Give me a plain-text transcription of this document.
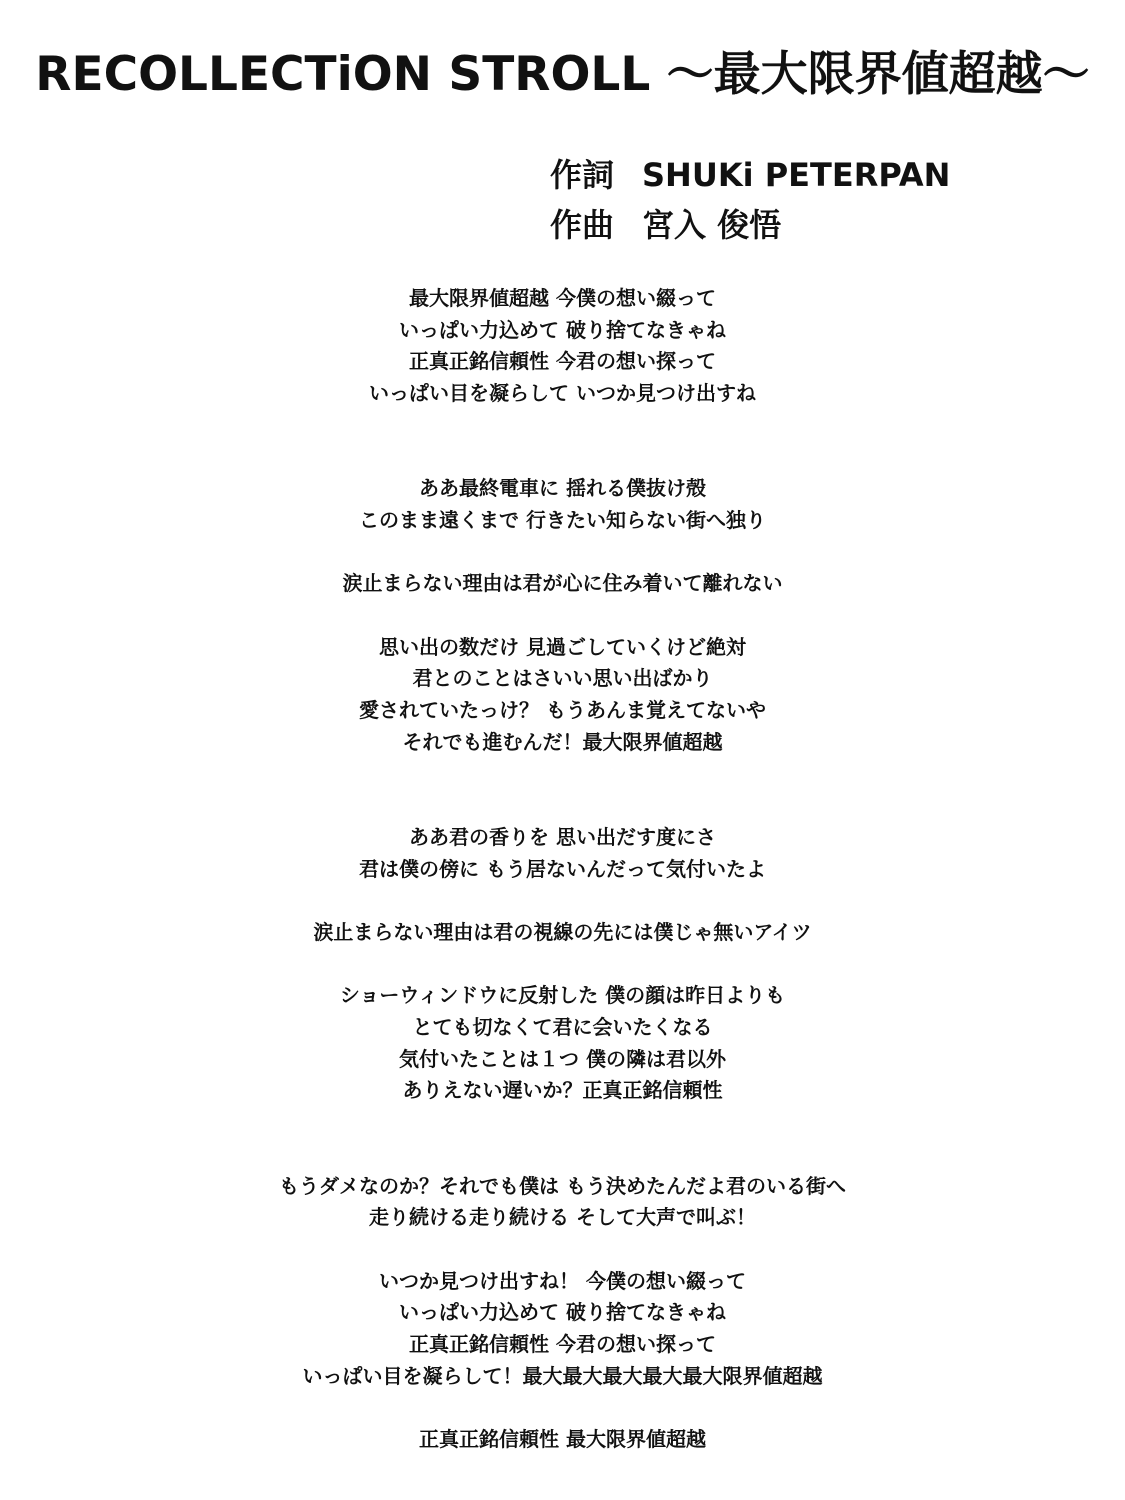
RECOLLECTiON STROLL 〜最大限界値超越〜
作詞 SHUKi PETERPAN
作曲 宮入 俊悟
最大限界値超越 今僕の想い綴って
いっぱい力込めて 破り捨てなきゃね
正真正銘信頼性 今君の想い探って
いっぱい目を凝らして いつか見つけ出すね
ああ最終電車に 揺れる僕抜け殻
このまま遠くまで 行きたい知らない街へ独り
涙止まらない理由は君が心に住み着いて離れない
思い出の数だけ 見過ごしていくけど絶対
君とのことはさいい思い出ばかり
愛されていたっけ？ もうあんま覚えてないや
それでも進むんだ！最大限界値超越
ああ君の香りを 思い出だす度にさ
君は僕の傍に もう居ないんだって気付いたよ
涙止まらない理由は君の視線の先には僕じゃ無いアイツ
ショーウィンドウに反射した 僕の顔は昨日よりも
とても切なくて君に会いたくなる
気付いたことは１つ 僕の隣は君以外
ありえない遅いか？正真正銘信頼性
もうダメなのか？それでも僕は もう決めたんだよ君のいる街へ
走り続ける走り続ける そして大声で叫ぶ！
いつか見つけ出すね！ 今僕の想い綴って
いっぱい力込めて 破り捨てなきゃね
正真正銘信頼性 今君の想い探って
いっぱい目を凝らして！最大最大最大最大最大限界値超越
正真正銘信頼性 最大限界値超越
